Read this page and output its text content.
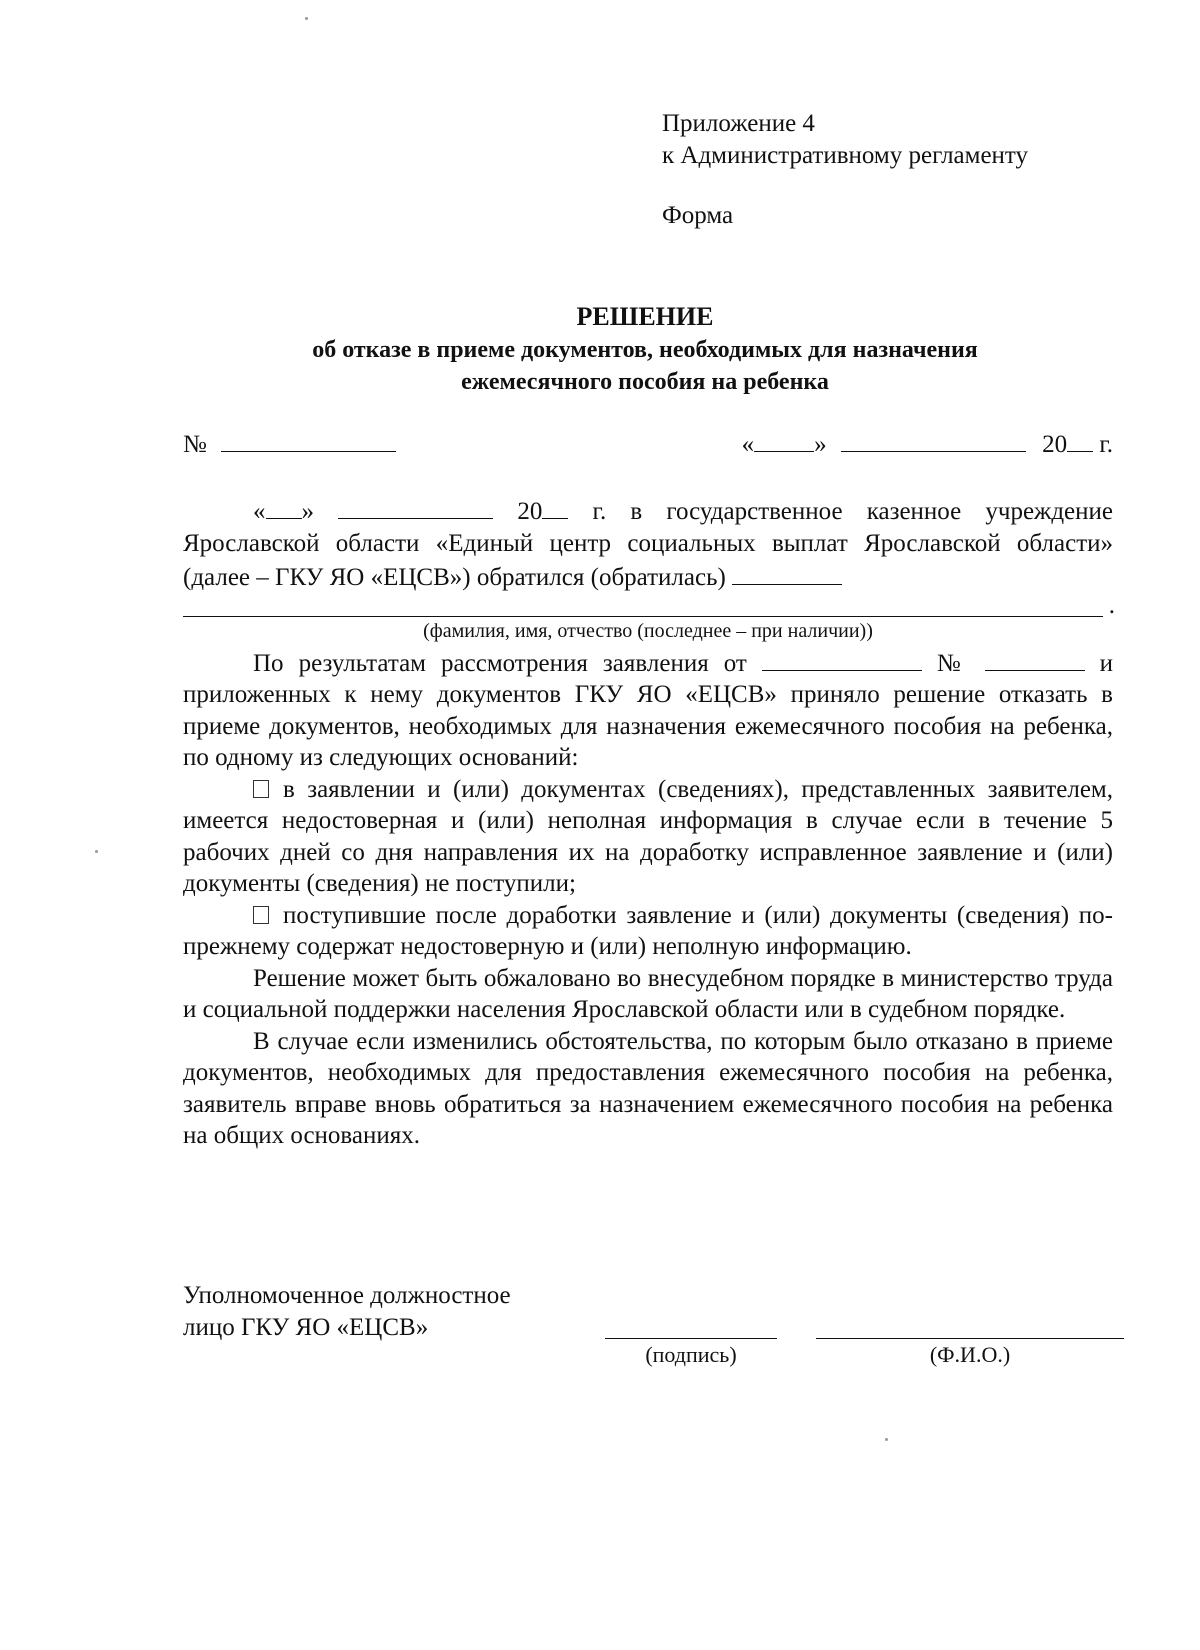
Приложение 4
к Административному регламенту
Форма
РЕШЕНИЕ
об отказе в приеме документов, необходимых для назначения
ежемесячного пособия на ребенка
№	« »	20 г.

« »	20 г. в государственное казенное учреждение Ярославской области «Единый центр социальных выплат Ярославской области» (далее – ГКУ ЯО «ЕЦСВ») обратился (обратилась)

.

(фамилия, имя, отчество (последнее – при наличии))

По результатам рассмотрения заявления от	№	и приложенных к нему документов ГКУ ЯО «ЕЦСВ» приняло решение отказать в приеме документов, необходимых для назначения ежемесячного пособия на ребенка, по одному из следующих оснований:

в заявлении и (или) документах (сведениях), представленных заявителем, имеется недостоверная и (или) неполная информация в случае если в течение 5 рабочих дней со дня направления их на доработку исправленное заявление и (или) документы (сведения) не поступили;

поступившие после доработки заявление и (или) документы (сведения) по-прежнему содержат недостоверную и (или) неполную информацию.

Решение может быть обжаловано во внесудебном порядке в министерство труда и социальной поддержки населения Ярославской области или в судебном порядке.

В случае если изменились обстоятельства, по которым было отказано в приеме документов, необходимых для предоставления ежемесячного пособия на ребенка, заявитель вправе вновь обратиться за назначением ежемесячного пособия на ребенка на общих основаниях.

Уполномоченное должностное
лицо ГКУ ЯО «ЕЦСВ»
(подпись)	(Ф.И.О.)
